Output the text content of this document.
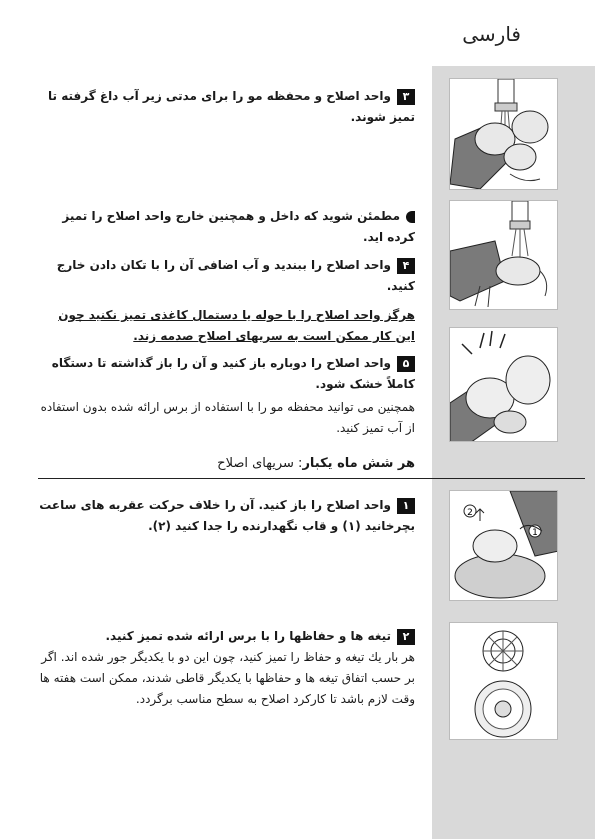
فارسی
۳واحد اصلاح و محفظه مو را برای مدتی زیر آب داغ گرفته تا تمیز شوند.
مطمئن شوید که داخل و همچنین خارج واحد اصلاح را تمیز کرده اید.
۴واحد اصلاح را ببندید و آب اضافی آن را با تکان دادن خارج کنید.
هرگز واحد اصلاح را با حوله یا دستمال کاغذی تمیز نکنید چون این کار ممکن است به سریهای اصلاح صدمه زند.
۵واحد اصلاح را دوباره باز کنید و آن را باز گذاشته تا دستگاه کاملاً خشک شود.
همچنین می توانید محفظه مو را با استفاده از برس ارائه شده بدون استفاده از آب تمیز کنید.
هر شش ماه یکبار: سریهای اصلاح
۱واحد اصلاح را باز کنید. آن را خلاف حرکت عقربه های ساعت بچرخانید (۱) و قاب نگهدارنده را جدا کنید (۲).
۲تیغه ها و حفاظها را با برس ارائه شده تمیز کنید.
هر بار یك تیغه و حفاظ را تمیز کنید، چون این دو با یکدیگر جور شده اند. اگر بر حسب اتفاق تیغه ها و حفاظها با یکدیگر قاطی شدند، ممکن است هفته ها وقت لازم باشد تا کارکرد اصلاح به سطح مناسب برگردد.
2
1
